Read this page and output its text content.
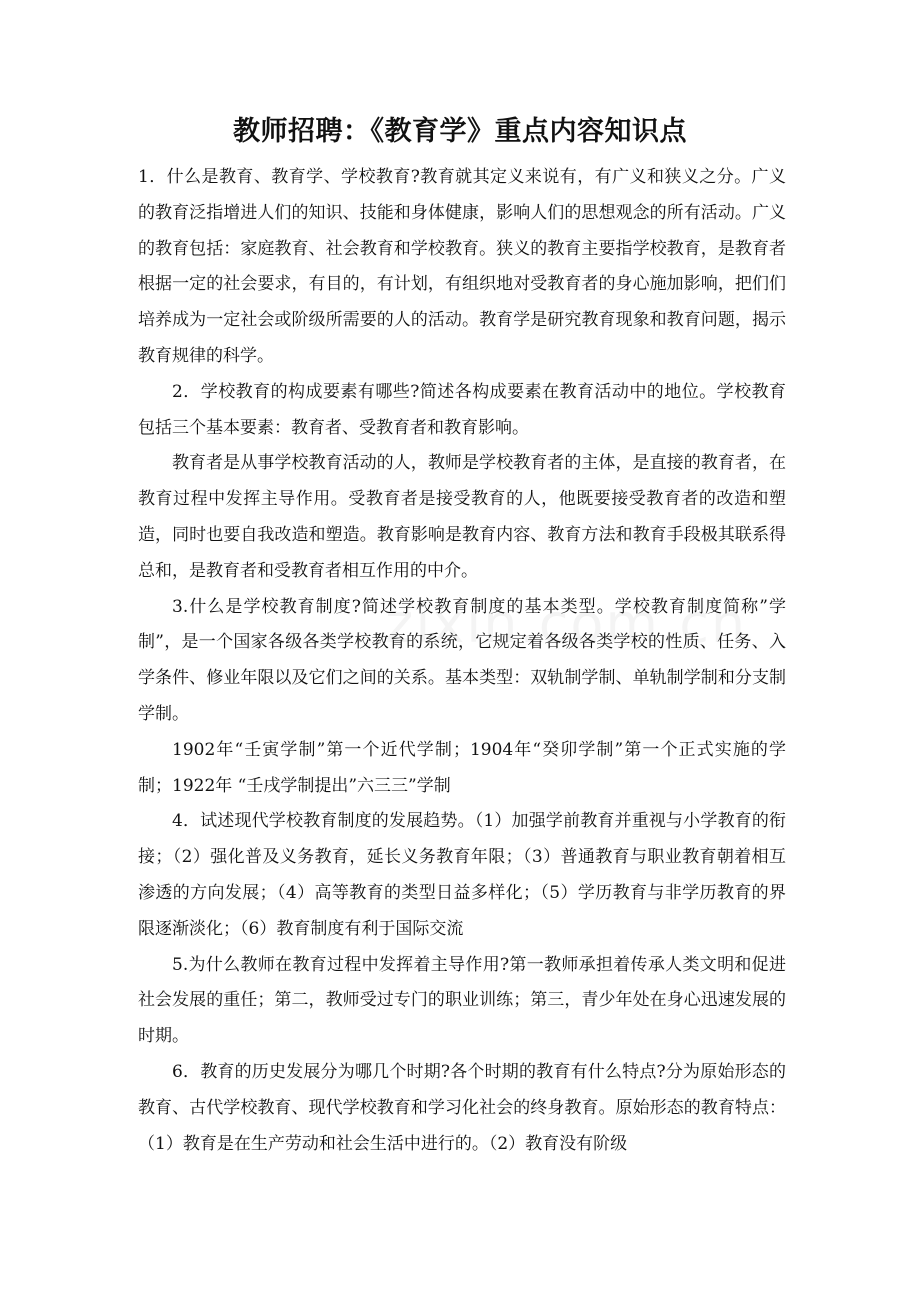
教师招聘：《教育学》重点内容知识点

1．什么是教育、教育学、学校教育?教育就其定义来说有，有广义和狭义之分。广义的教育泛指增进人们的知识、技能和身体健康，影响人们的思想观念的所有活动。广义的教育包括：家庭教育、社会教育和学校教育。狭义的教育主要指学校教育，是教育者根据一定的社会要求，有目的，有计划，有组织地对受教育者的身心施加影响，把们们培养成为一定社会或阶级所需要的人的活动。教育学是研究教育现象和教育问题，揭示教育规律的科学。

2．学校教育的构成要素有哪些?简述各构成要素在教育活动中的地位。学校教育包括三个基本要素：教育者、受教育者和教育影响。

教育者是从事学校教育活动的人，教师是学校教育者的主体，是直接的教育者，在教育过程中发挥主导作用。受教育者是接受教育的人，他既要接受教育者的改造和塑造，同时也要自我改造和塑造。教育影响是教育内容、教育方法和教育手段极其联系得总和，是教育者和受教育者相互作用的中介。

3.什么是学校教育制度?简述学校教育制度的基本类型。学校教育制度简称”学制”，是一个国家各级各类学校教育的系统，它规定着各级各类学校的性质、任务、入学条件、修业年限以及它们之间的关系。基本类型：双轨制学制、单轨制学制和分支制学制。

1902年“壬寅学制”第一个近代学制；1904年“癸卯学制”第一个正式实施的学制；1922年 “壬戌学制提出”六三三”学制

4．试述现代学校教育制度的发展趋势。（1）加强学前教育并重视与小学教育的衔接；（2）强化普及义务教育，延长义务教育年限；（3）普通教育与职业教育朝着相互渗透的方向发展；（4）高等教育的类型日益多样化；（5）学历教育与非学历教育的界限逐渐淡化；（6）教育制度有利于国际交流

5.为什么教师在教育过程中发挥着主导作用?第一教师承担着传承人类文明和促进社会发展的重任；第二，教师受过专门的职业训练；第三，青少年处在身心迅速发展的时期。

6．教育的历史发展分为哪几个时期?各个时期的教育有什么特点?分为原始形态的教育、古代学校教育、现代学校教育和学习化社会的终身教育。原始形态的教育特点：（1）教育是在生产劳动和社会生活中进行的。（2）教育没有阶级
